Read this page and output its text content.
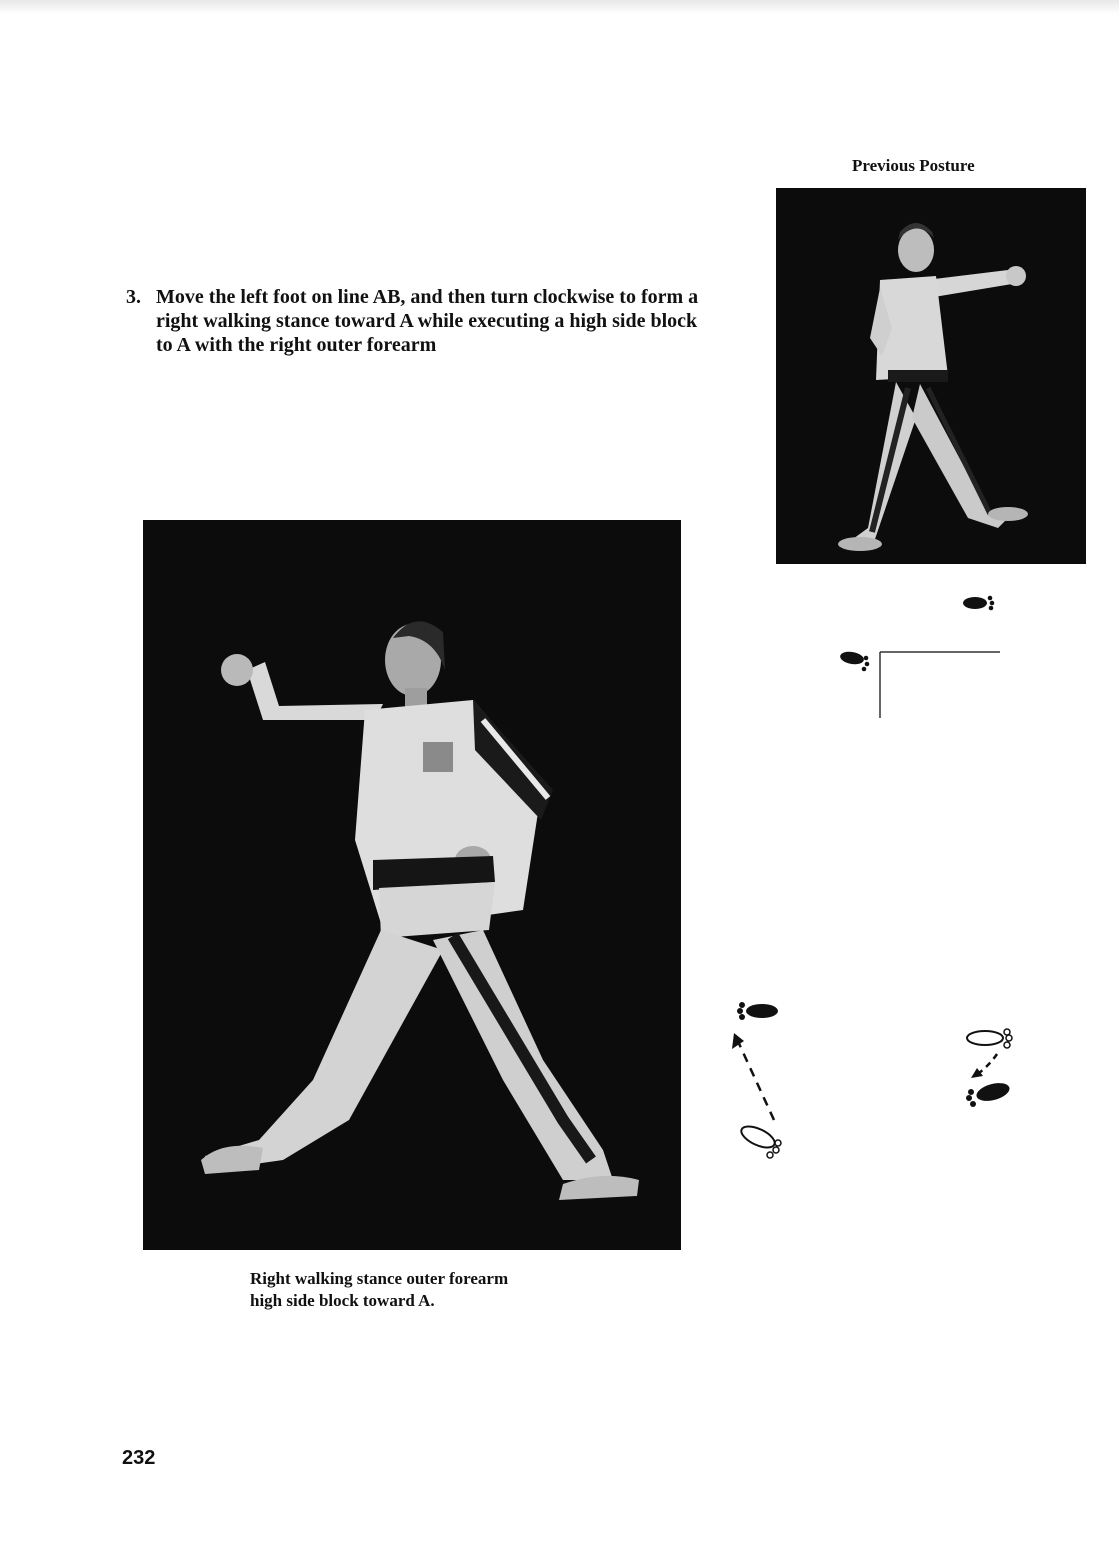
Previous Posture
3. Move the left foot on line AB, and then turn clockwise to form a right walking stance toward A while executing a high side block to A with the right outer forearm
Right walking stance outer forearm
high side block toward A.
232
